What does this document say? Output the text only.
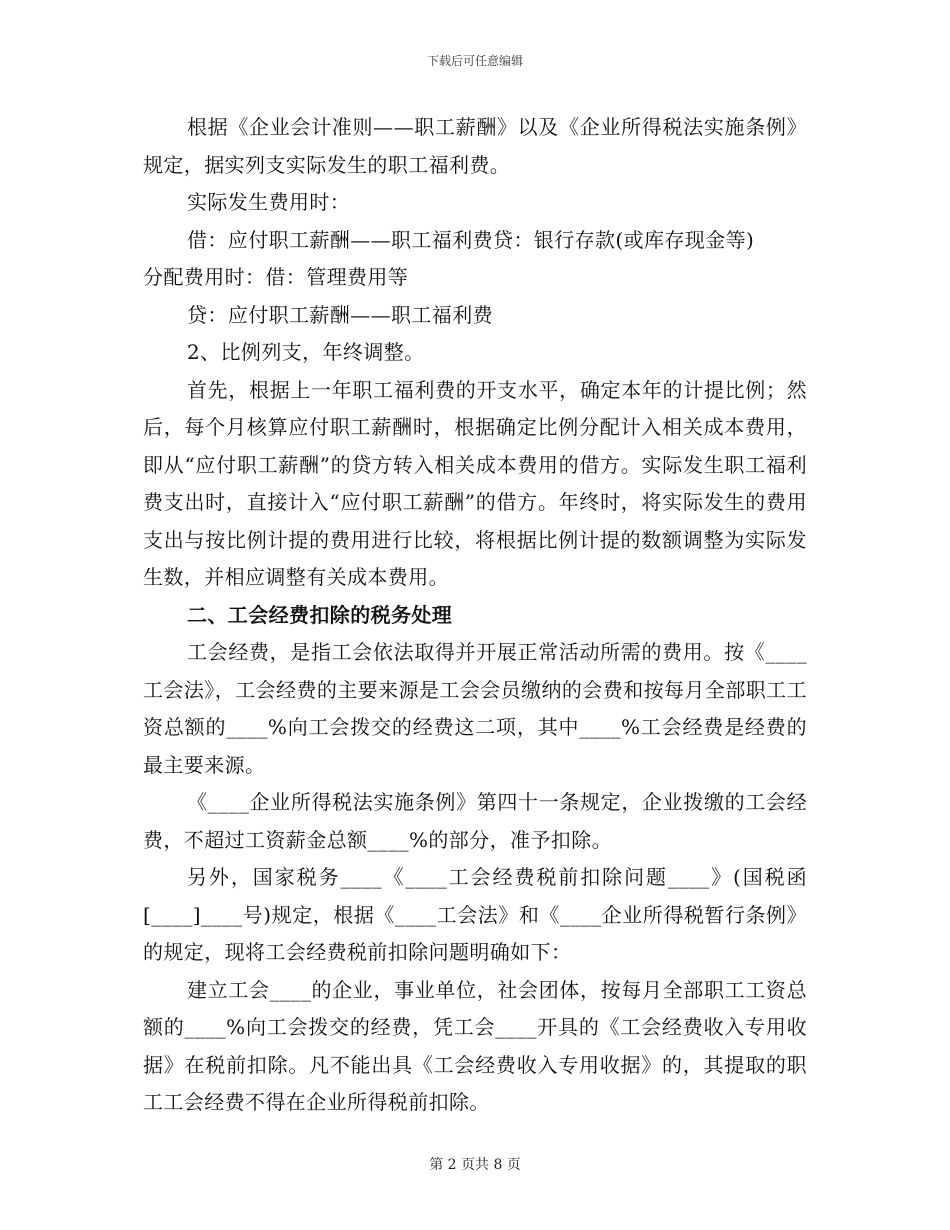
下载后可任意编辑

根据《企业会计准则——职工薪酬》以及《企业所得税法实施条例》规定，据实列支实际发生的职工福利费。

实际发生费用时：

借：应付职工薪酬——职工福利费贷：银行存款(或库存现金等)

分配费用时：借：管理费用等

贷：应付职工薪酬——职工福利费

2、比例列支，年终调整。

首先，根据上一年职工福利费的开支水平，确定本年的计提比例；然后，每个月核算应付职工薪酬时，根据确定比例分配计入相关成本费用，即从“应付职工薪酬”的贷方转入相关成本费用的借方。实际发生职工福利费支出时，直接计入“应付职工薪酬”的借方。年终时，将实际发生的费用支出与按比例计提的费用进行比较，将根据比例计提的数额调整为实际发生数，并相应调整有关成本费用。

二、工会经费扣除的税务处理

工会经费，是指工会依法取得并开展正常活动所需的费用。按《____工会法》，工会经费的主要来源是工会会员缴纳的会费和按每月全部职工工资总额的____%向工会拨交的经费这二项，其中____%工会经费是经费的最主要来源。

《____企业所得税法实施条例》第四十一条规定，企业拨缴的工会经费，不超过工资薪金总额____%的部分，准予扣除。

另外，国家税务____《____工会经费税前扣除问题____》(国税函[____]____号)规定，根据《____工会法》和《____企业所得税暂行条例》的规定，现将工会经费税前扣除问题明确如下：

建立工会____的企业，事业单位，社会团体，按每月全部职工工资总额的____%向工会拨交的经费，凭工会____开具的《工会经费收入专用收据》在税前扣除。凡不能出具《工会经费收入专用收据》的，其提取的职工工会经费不得在企业所得税前扣除。

第 2 页共 8 页
